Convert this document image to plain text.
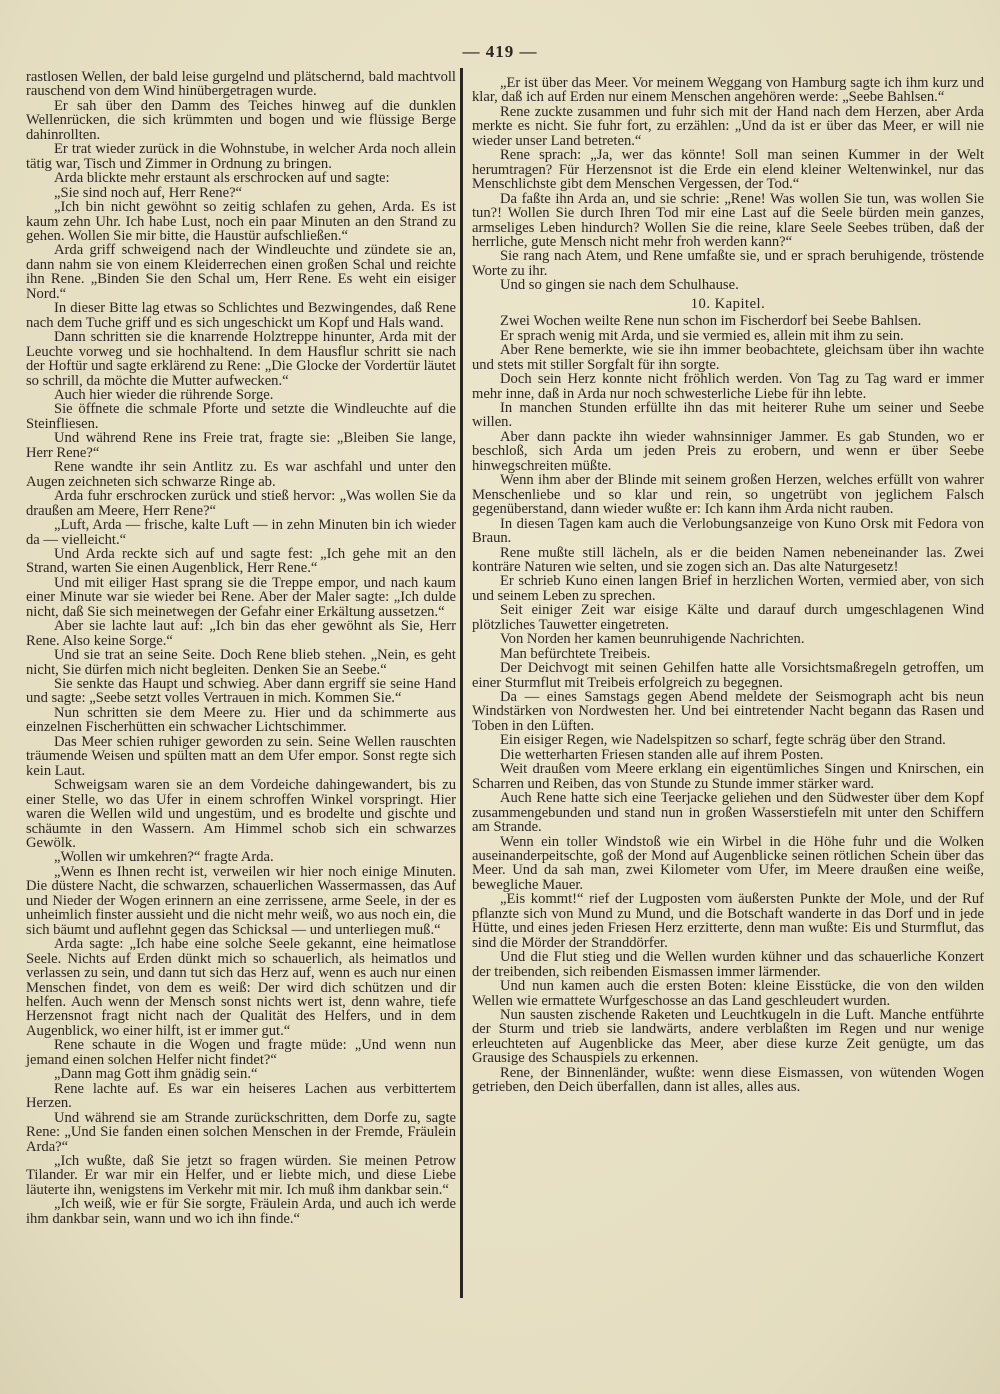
— 419 —

rastlosen Wellen, der bald leise gurgelnd und plätschernd, bald machtvoll rauschend von dem Wind hinübergetragen wurde.

Er sah über den Damm des Teiches hinweg auf die dunklen Wellenrücken, die sich krümmten und bogen und wie flüssige Berge dahinrollten.

Er trat wieder zurück in die Wohnstube, in welcher Arda noch allein tätig war, Tisch und Zimmer in Ordnung zu bringen.

Arda blickte mehr erstaunt als erschrocken auf und sagte:

„Sie sind noch auf, Herr Rene?“

„Ich bin nicht gewöhnt so zeitig schlafen zu gehen, Arda. Es ist kaum zehn Uhr. Ich habe Lust, noch ein paar Minuten an den Strand zu gehen. Wollen Sie mir bitte, die Haustür aufschließen.“

Arda griff schweigend nach der Windleuchte und zündete sie an, dann nahm sie von einem Kleiderrechen einen großen Schal und reichte ihn Rene. „Binden Sie den Schal um, Herr Rene. Es weht ein eisiger Nord.“

In dieser Bitte lag etwas so Schlichtes und Bezwingendes, daß Rene nach dem Tuche griff und es sich ungeschickt um Kopf und Hals wand.

Dann schritten sie die knarrende Holztreppe hinunter, Arda mit der Leuchte vorweg und sie hochhaltend. In dem Hausflur schritt sie nach der Hoftür und sagte erklärend zu Rene: „Die Glocke der Vordertür läutet so schrill, da möchte die Mutter aufwecken.“

Auch hier wieder die rührende Sorge.

Sie öffnete die schmale Pforte und setzte die Windleuchte auf die Steinfliesen.

Und während Rene ins Freie trat, fragte sie: „Bleiben Sie lange, Herr Rene?“

Rene wandte ihr sein Antlitz zu. Es war aschfahl und unter den Augen zeichneten sich schwarze Ringe ab.

Arda fuhr erschrocken zurück und stieß hervor: „Was wollen Sie da draußen am Meere, Herr Rene?“

„Luft, Arda — frische, kalte Luft — in zehn Minuten bin ich wieder da — vielleicht.“

Und Arda reckte sich auf und sagte fest: „Ich gehe mit an den Strand, warten Sie einen Augenblick, Herr Rene.“

Und mit eiliger Hast sprang sie die Treppe empor, und nach kaum einer Minute war sie wieder bei Rene. Aber der Maler sagte: „Ich dulde nicht, daß Sie sich meinetwegen der Gefahr einer Erkältung aussetzen.“

Aber sie lachte laut auf: „Ich bin das eher gewöhnt als Sie, Herr Rene. Also keine Sorge.“

Und sie trat an seine Seite. Doch Rene blieb stehen. „Nein, es geht nicht, Sie dürfen mich nicht begleiten. Denken Sie an Seebe.“

Sie senkte das Haupt und schwieg. Aber dann ergriff sie seine Hand und sagte: „Seebe setzt volles Vertrauen in mich. Kommen Sie.“

Nun schritten sie dem Meere zu. Hier und da schimmerte aus einzelnen Fischerhütten ein schwacher Lichtschimmer.

Das Meer schien ruhiger geworden zu sein. Seine Wellen rauschten träumende Weisen und spülten matt an dem Ufer empor. Sonst regte sich kein Laut.

Schweigsam waren sie an dem Vordeiche dahingewandert, bis zu einer Stelle, wo das Ufer in einem schroffen Winkel vorspringt. Hier waren die Wellen wild und ungestüm, und es brodelte und gischte und schäumte in den Wassern. Am Himmel schob sich ein schwarzes Gewölk.

„Wollen wir umkehren?“ fragte Arda.

„Wenn es Ihnen recht ist, verweilen wir hier noch einige Minuten. Die düstere Nacht, die schwarzen, schauerlichen Wassermassen, das Auf und Nieder der Wogen erinnern an eine zerrissene, arme Seele, in der es unheimlich finster aussieht und die nicht mehr weiß, wo aus noch ein, die sich bäumt und auflehnt gegen das Schicksal — und unterliegen muß.“

Arda sagte: „Ich habe eine solche Seele gekannt, eine heimatlose Seele. Nichts auf Erden dünkt mich so schauerlich, als heimatlos und verlassen zu sein, und dann tut sich das Herz auf, wenn es auch nur einen Menschen findet, von dem es weiß: Der wird dich schützen und dir helfen. Auch wenn der Mensch sonst nichts wert ist, denn wahre, tiefe Herzensnot fragt nicht nach der Qualität des Helfers, und in dem Augenblick, wo einer hilft, ist er immer gut.“

Rene schaute in die Wogen und fragte müde: „Und wenn nun jemand einen solchen Helfer nicht findet?“

„Dann mag Gott ihm gnädig sein.“

Rene lachte auf. Es war ein heiseres Lachen aus verbittertem Herzen.

Und während sie am Strande zurückschritten, dem Dorfe zu, sagte Rene: „Und Sie fanden einen solchen Menschen in der Fremde, Fräulein Arda?“

„Ich wußte, daß Sie jetzt so fragen würden. Sie meinen Petrow Tilander. Er war mir ein Helfer, und er liebte mich, und diese Liebe läuterte ihn, wenigstens im Verkehr mit mir. Ich muß ihm dankbar sein.“

„Ich weiß, wie er für Sie sorgte, Fräulein Arda, und auch ich werde ihm dankbar sein, wann und wo ich ihn finde.“

„Er ist über das Meer. Vor meinem Weggang von Hamburg sagte ich ihm kurz und klar, daß ich auf Erden nur einem Menschen angehören werde: „Seebe Bahlsen.“

Rene zuckte zusammen und fuhr sich mit der Hand nach dem Herzen, aber Arda merkte es nicht. Sie fuhr fort, zu erzählen: „Und da ist er über das Meer, er will nie wieder unser Land betreten.“

Rene sprach: „Ja, wer das könnte! Soll man seinen Kummer in der Welt herumtragen? Für Herzensnot ist die Erde ein elend kleiner Weltenwinkel, nur das Menschlichste gibt dem Menschen Vergessen, der Tod.“

Da faßte ihn Arda an, und sie schrie: „Rene! Was wollen Sie tun, was wollen Sie tun?! Wollen Sie durch Ihren Tod mir eine Last auf die Seele bürden mein ganzes, armseliges Leben hindurch? Wollen Sie die reine, klare Seele Seebes trüben, daß der herrliche, gute Mensch nicht mehr froh werden kann?“

Sie rang nach Atem, und Rene umfaßte sie, und er sprach beruhigende, tröstende Worte zu ihr.

Und so gingen sie nach dem Schulhause.

10. Kapitel.

Zwei Wochen weilte Rene nun schon im Fischerdorf bei Seebe Bahlsen.

Er sprach wenig mit Arda, und sie vermied es, allein mit ihm zu sein.

Aber Rene bemerkte, wie sie ihn immer beobachtete, gleichsam über ihn wachte und stets mit stiller Sorgfalt für ihn sorgte.

Doch sein Herz konnte nicht fröhlich werden. Von Tag zu Tag ward er immer mehr inne, daß in Arda nur noch schwesterliche Liebe für ihn lebte.

In manchen Stunden erfüllte ihn das mit heiterer Ruhe um seiner und Seebe willen.

Aber dann packte ihn wieder wahnsinniger Jammer. Es gab Stunden, wo er beschloß, sich Arda um jeden Preis zu erobern, und wenn er über Seebe hinwegschreiten müßte.

Wenn ihm aber der Blinde mit seinem großen Herzen, welches erfüllt von wahrer Menschenliebe und so klar und rein, so ungetrübt von jeglichem Falsch gegenüberstand, dann wieder wußte er: Ich kann ihm Arda nicht rauben.

In diesen Tagen kam auch die Verlobungsanzeige von Kuno Orsk mit Fedora von Braun.

Rene mußte still lächeln, als er die beiden Namen nebeneinander las. Zwei konträre Naturen wie selten, und sie zogen sich an. Das alte Naturgesetz!

Er schrieb Kuno einen langen Brief in herzlichen Worten, vermied aber, von sich und seinem Leben zu sprechen.

Seit einiger Zeit war eisige Kälte und darauf durch umgeschlagenen Wind plötzliches Tauwetter eingetreten.

Von Norden her kamen beunruhigende Nachrichten.

Man befürchtete Treibeis.

Der Deichvogt mit seinen Gehilfen hatte alle Vorsichtsmaßregeln getroffen, um einer Sturmflut mit Treibeis erfolgreich zu begegnen.

Da — eines Samstags gegen Abend meldete der Seismograph acht bis neun Windstärken von Nordwesten her. Und bei eintretender Nacht begann das Rasen und Toben in den Lüften.

Ein eisiger Regen, wie Nadelspitzen so scharf, fegte schräg über den Strand.

Die wetterharten Friesen standen alle auf ihrem Posten.

Weit draußen vom Meere erklang ein eigentümliches Singen und Knirschen, ein Scharren und Reiben, das von Stunde zu Stunde immer stärker ward.

Auch Rene hatte sich eine Teerjacke geliehen und den Südwester über dem Kopf zusammengebunden und stand nun in großen Wasserstiefeln mit unter den Schiffern am Strande.

Wenn ein toller Windstoß wie ein Wirbel in die Höhe fuhr und die Wolken auseinanderpeitschte, goß der Mond auf Augenblicke seinen rötlichen Schein über das Meer. Und da sah man, zwei Kilometer vom Ufer, im Meere draußen eine weiße, bewegliche Mauer.

„Eis kommt!“ rief der Lugposten vom äußersten Punkte der Mole, und der Ruf pflanzte sich von Mund zu Mund, und die Botschaft wanderte in das Dorf und in jede Hütte, und eines jeden Friesen Herz erzitterte, denn man wußte: Eis und Sturmflut, das sind die Mörder der Stranddörfer.

Und die Flut stieg und die Wellen wurden kühner und das schauerliche Konzert der treibenden, sich reibenden Eismassen immer lärmender.

Und nun kamen auch die ersten Boten: kleine Eisstücke, die von den wilden Wellen wie ermattete Wurfgeschosse an das Land geschleudert wurden.

Nun sausten zischende Raketen und Leuchtkugeln in die Luft. Manche entführte der Sturm und trieb sie landwärts, andere verblaßten im Regen und nur wenige erleuchteten auf Augenblicke das Meer, aber diese kurze Zeit genügte, um das Grausige des Schauspiels zu erkennen.

Rene, der Binnenländer, wußte: wenn diese Eismassen, von wütenden Wogen getrieben, den Deich überfallen, dann ist alles, alles aus.
